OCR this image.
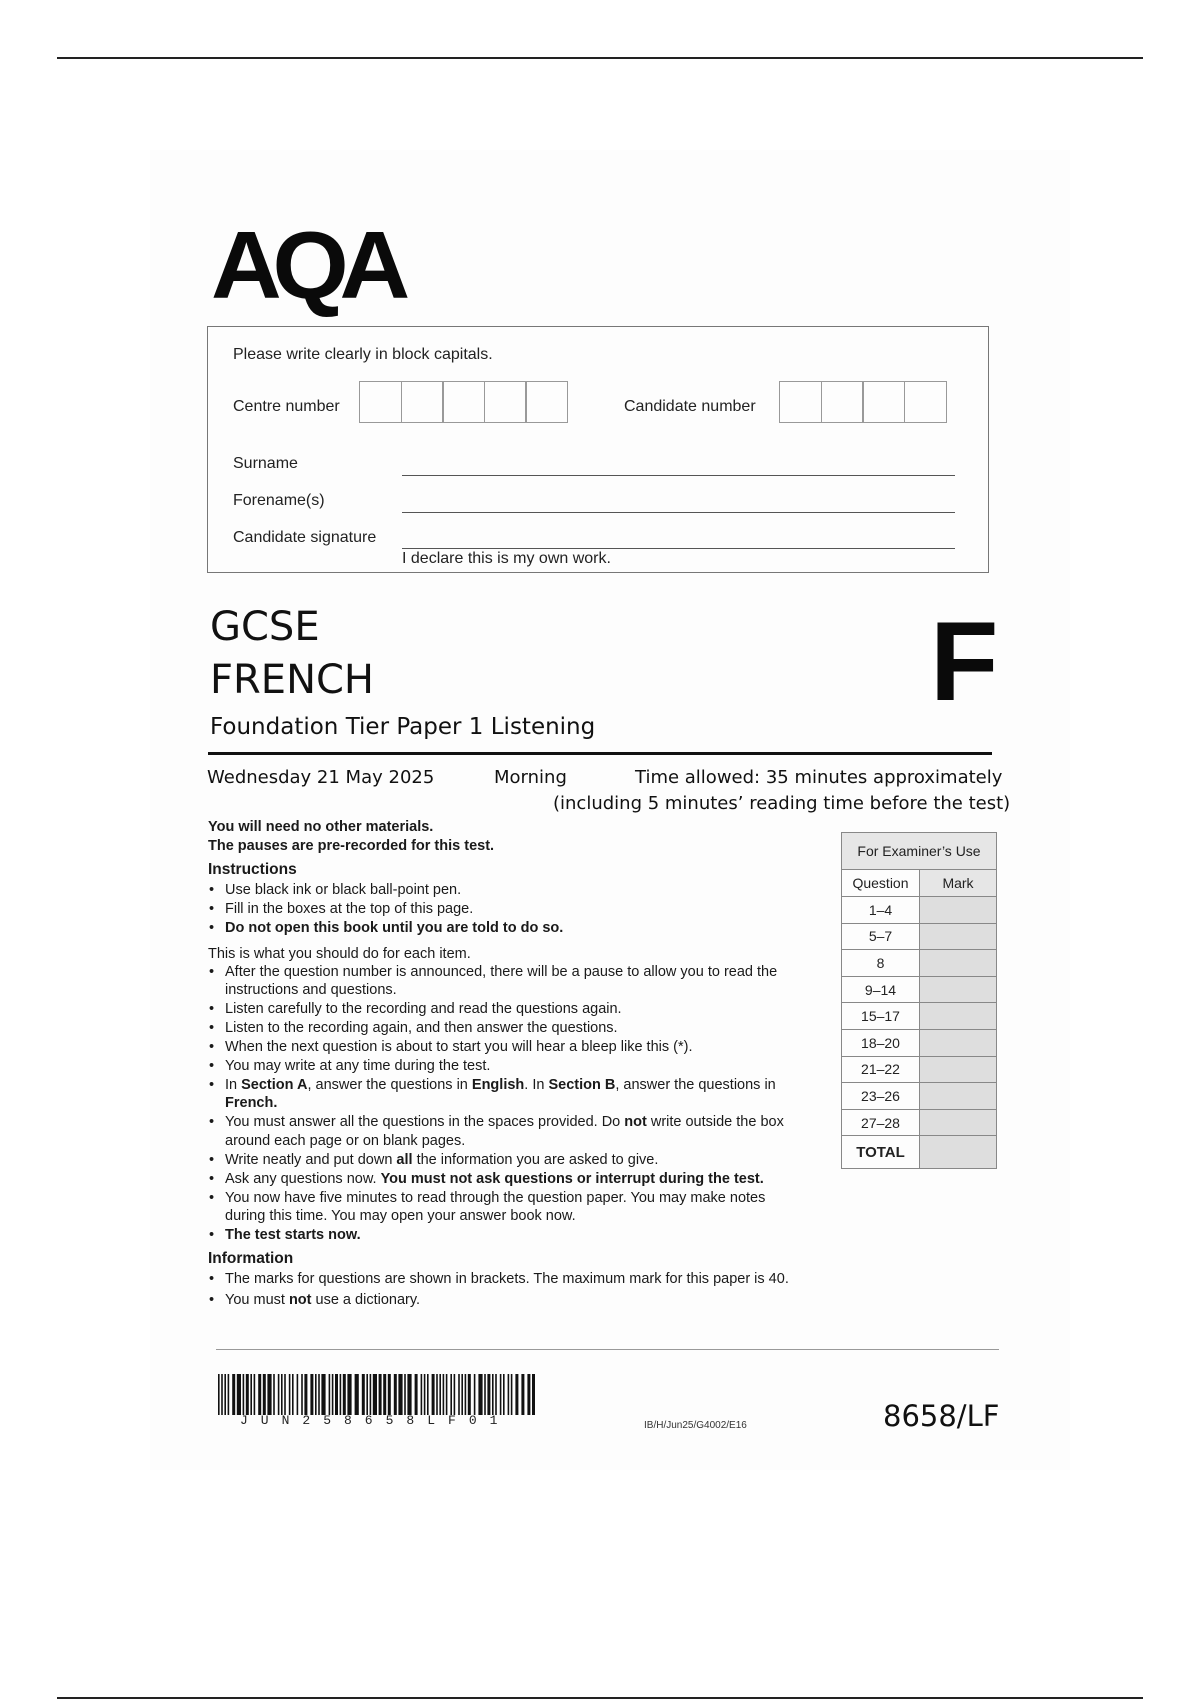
AQA
Please write clearly in block capitals.
Centre number	Candidate number
Surname
Forename(s)
Candidate signature
I declare this is my own work.
GCSE
FRENCH	F
Foundation Tier Paper 1 Listening
Wednesday 21 May 2025	Morning	Time allowed: 35 minutes approximately
(including 5 minutes’ reading time before the test)
You will need no other materials.
The pauses are pre-recorded for this test.
Instructions
• Use black ink or black ball-point pen.
• Fill in the boxes at the top of this page.
• Do not open this book until you are told to do so.
This is what you should do for each item.
• After the question number is announced, there will be a pause to allow you to read the
instructions and questions.
• Listen carefully to the recording and read the questions again.
• Listen to the recording again, and then answer the questions.
• When the next question is about to start you will hear a bleep like this (*).
• You may write at any time during the test.
• In Section A, answer the questions in English. In Section B, answer the questions in
French.
• You must answer all the questions in the spaces provided. Do not write outside the box
around each page or on blank pages.
• Write neatly and put down all the information you are asked to give.
• Ask any questions now. You must not ask questions or interrupt during the test.
• You now have five minutes to read through the question paper. You may make notes
during this time. You may open your answer book now.
• The test starts now.
Information
• The marks for questions are shown in brackets. The maximum mark for this paper is 40.
• You must not use a dictionary.
For Examiner’s Use	
Question	Mark
1–4	
5–7	
8	
9–14	
15–17	
18–20	
21–22	
23–26	
27–28	
TOTAL	
JUN258658LF01	IB/H/Jun25/G4002/E16	8658/LF
